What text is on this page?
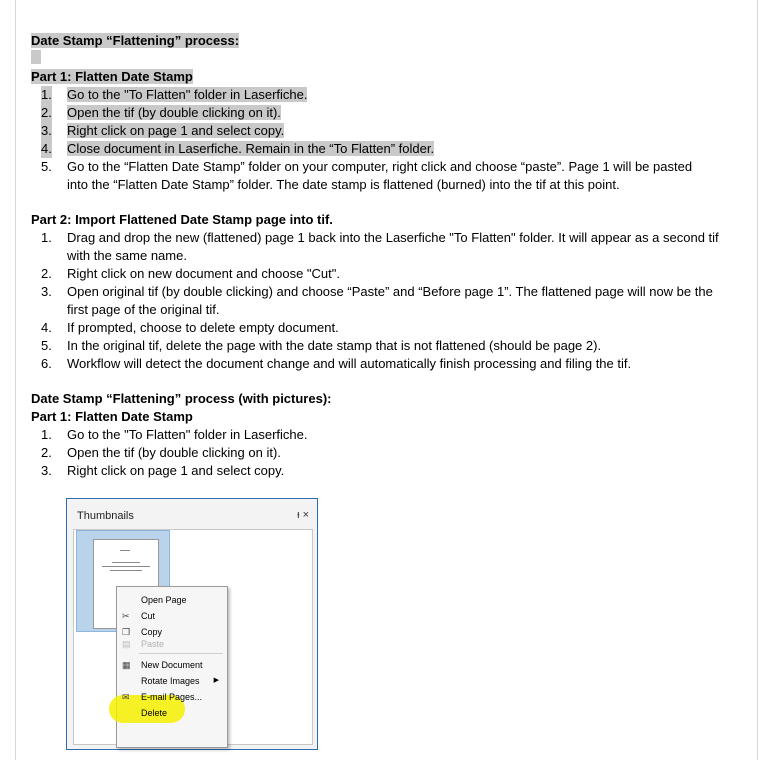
Date Stamp “Flattening” process:
Part 1: Flatten Date Stamp
1. Go to the "To Flatten" folder in Laserfiche.
2. Open the tif (by double clicking on it).
3. Right click on page 1 and select copy.
4. Close document in Laserfiche. Remain in the “To Flatten” folder.
5. Go to the “Flatten Date Stamp” folder on your computer, right click and choose “paste”. Page 1 will be pasted
into the “Flatten Date Stamp” folder. The date stamp is flattened (burned) into the tif at this point.
Part 2: Import Flattened Date Stamp page into tif.
1. Drag and drop the new (flattened) page 1 back into the Laserfiche "To Flatten" folder. It will appear as a second tif
with the same name.
2. Right click on new document and choose "Cut".
3. Open original tif (by double clicking) and choose “Paste” and “Before page 1”. The flattened page will now be the
first page of the original tif.
4. If prompted, choose to delete empty document.
5. In the original tif, delete the page with the date stamp that is not flattened (should be page 2).
6. Workflow will detect the document change and will automatically finish processing and filing the tif.
Date Stamp “Flattening” process (with pictures):
Part 1: Flatten Date Stamp
1. Go to the "To Flatten" folder in Laserfiche.
2. Open the tif (by double clicking on it).
3. Right click on page 1 and select copy.
Thumbnails	ᵻ ×
Open Page
✂ Cut
❐ Copy
▤ Paste
▦ New Document
Rotate Images ▶
✉ E-mail Pages...
Delete
